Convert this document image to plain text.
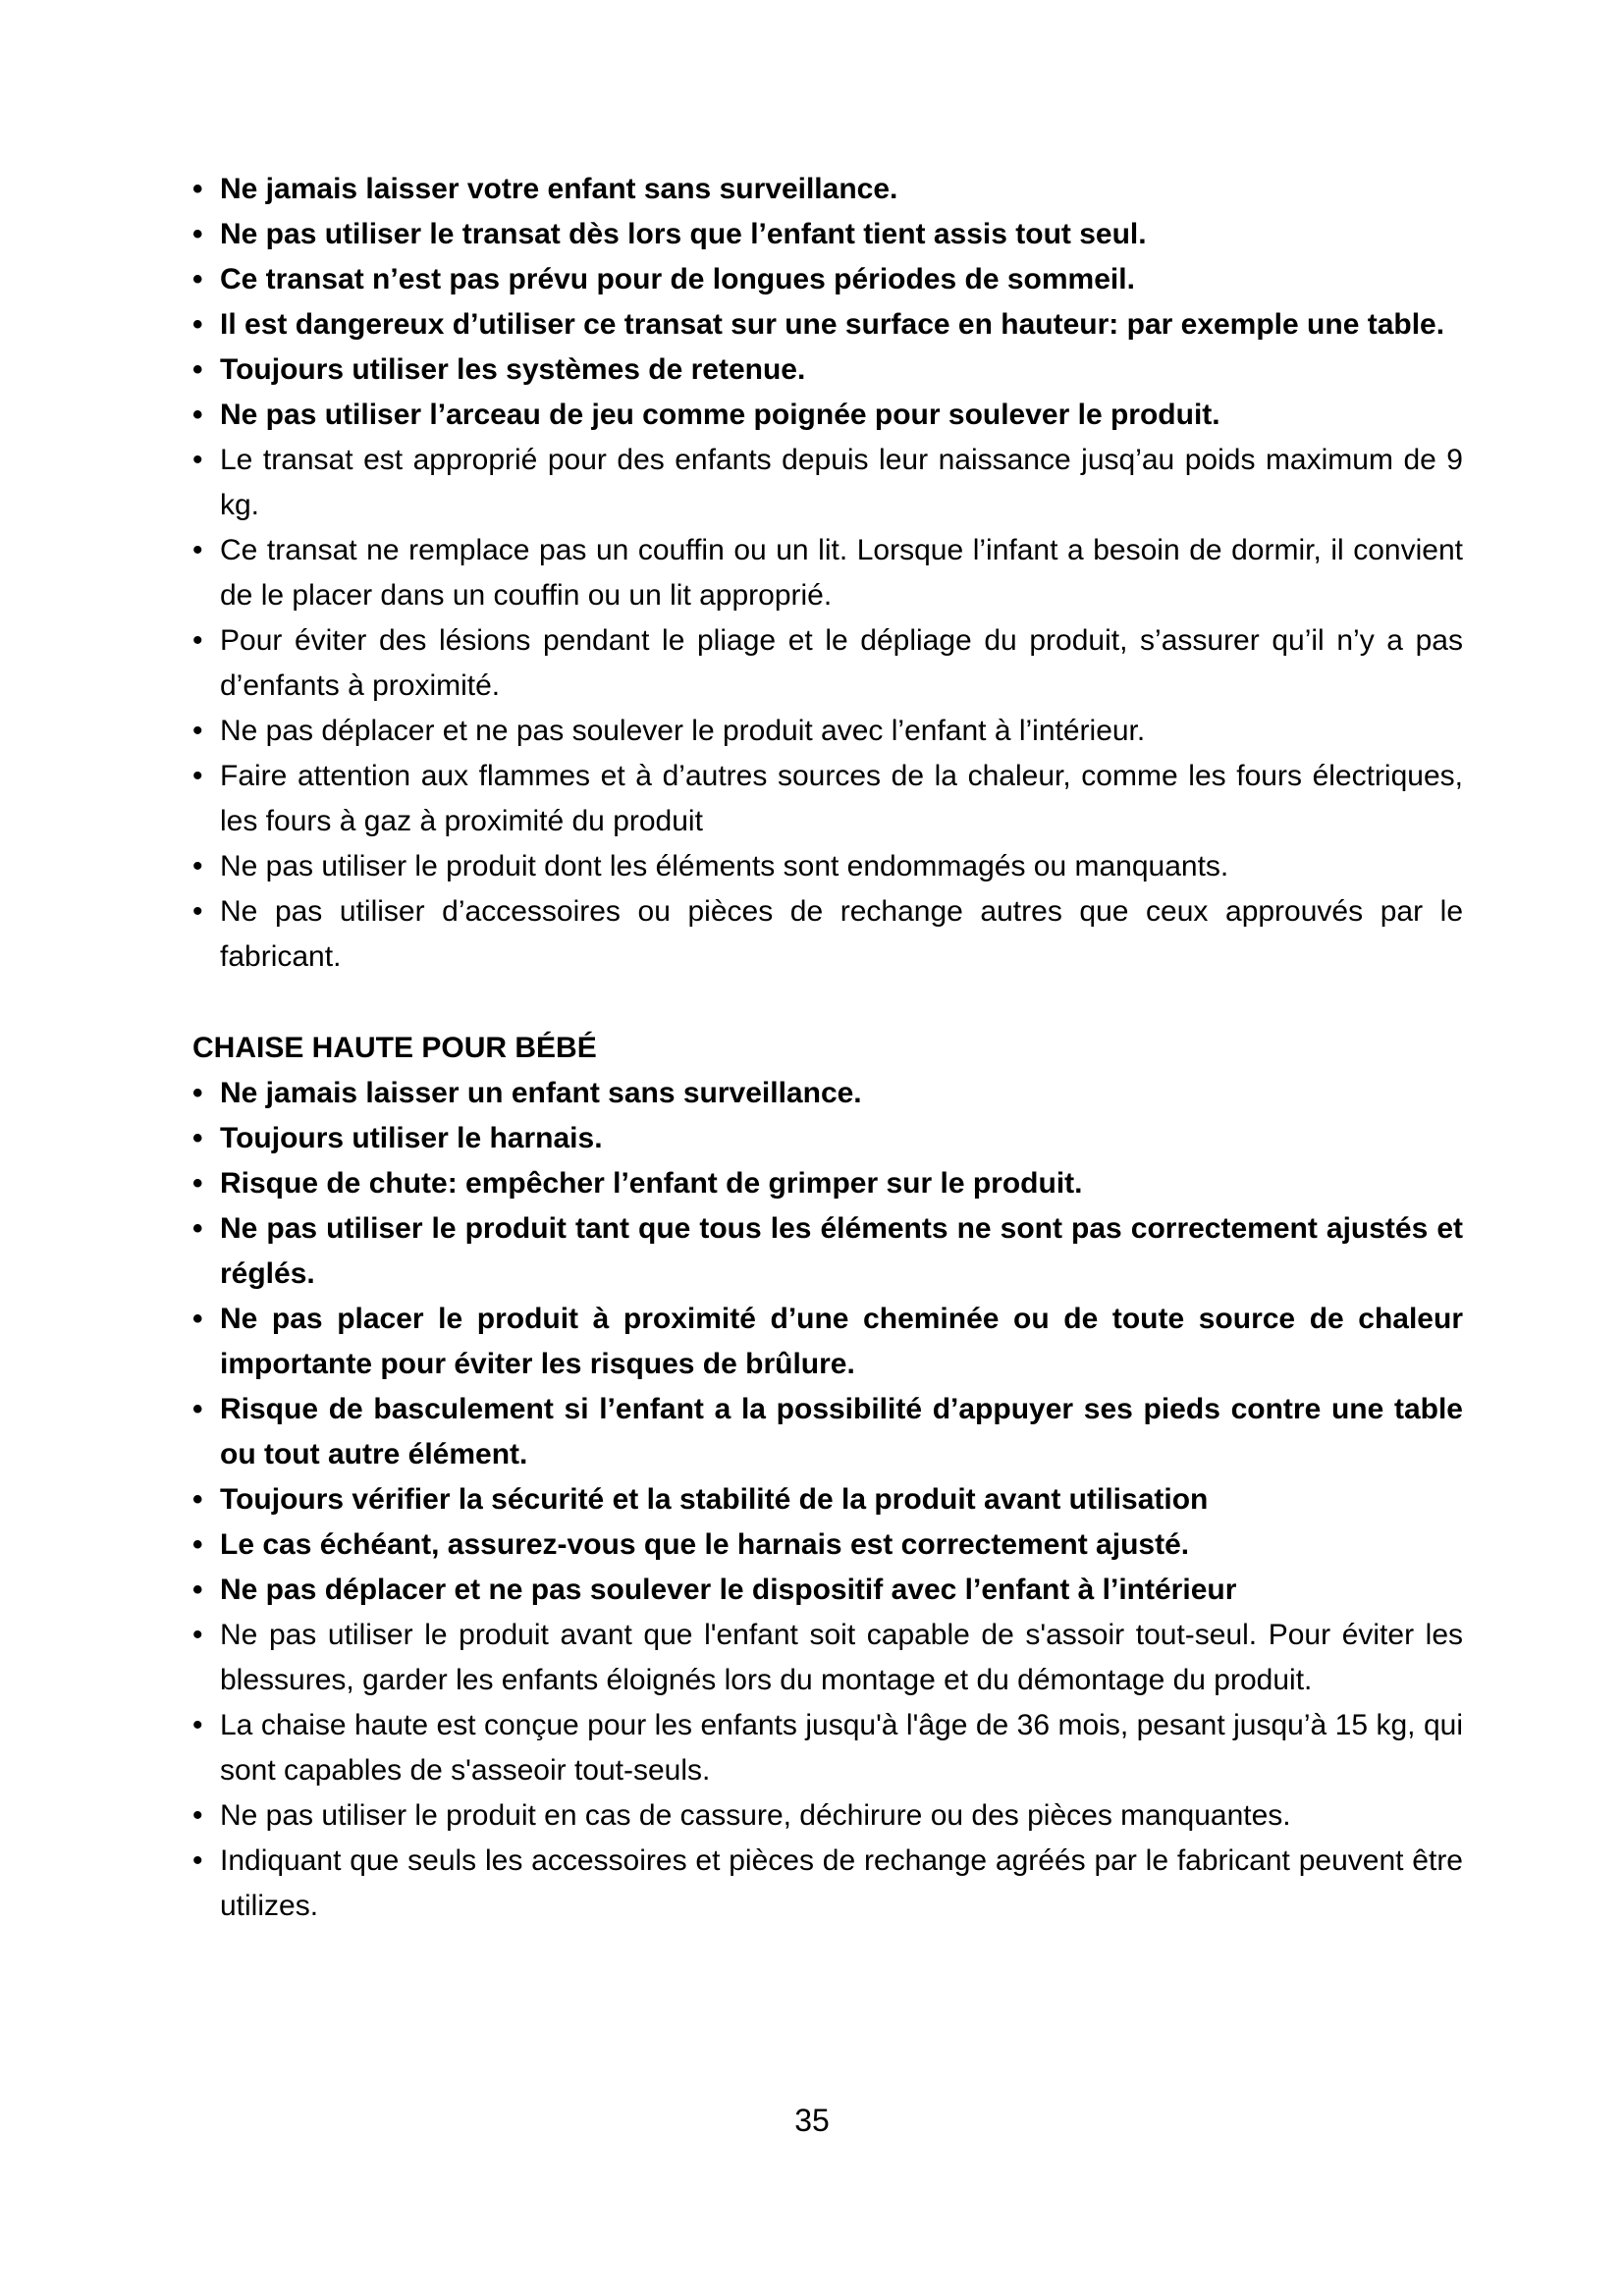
• Ne jamais laisser votre enfant sans surveillance.
• Ne pas utiliser le transat dès lors que l’enfant tient assis tout seul.
• Ce transat n’est pas prévu pour de longues périodes de sommeil.
• Il est dangereux d’utiliser ce transat sur une surface en hauteur: par exemple une table.
• Toujours utiliser les systèmes de retenue.
• Ne pas utiliser l’arceau de jeu comme poignée pour soulever le produit.
• Le transat est approprié pour des enfants depuis leur naissance jusq’au poids maximum de 9 kg.
• Ce transat ne remplace pas un couffin ou un lit. Lorsque l’infant a besoin de dormir, il convient de le placer dans un couffin ou un lit approprié.
• Pour éviter des lésions pendant le pliage et le dépliage du produit, s’assurer qu’il n’y a pas d’enfants à proximité.
• Ne pas déplacer et ne pas soulever le produit avec l’enfant à l’intérieur.
• Faire attention aux flammes et à d’autres sources de la chaleur, comme les fours électriques, les fours à gaz à proximité du produit
• Ne pas utiliser le produit dont les éléments sont endommagés ou manquants.
• Ne pas utiliser d’accessoires ou pièces de rechange autres que ceux approuvés par le fabricant.
CHAISE HAUTE POUR BÉBÉ
• Ne jamais laisser un enfant sans surveillance.
• Toujours utiliser le harnais.
• Risque de chute: empêcher l’enfant de grimper sur le produit.
• Ne pas utiliser le produit tant que tous les éléments ne sont pas correctement ajustés et réglés.
• Ne pas placer le produit à proximité d’une cheminée ou de toute source de chaleur importante pour éviter les risques de brûlure.
• Risque de basculement si l’enfant a la possibilité d’appuyer ses pieds contre une table ou tout autre élément.
• Toujours vérifier la sécurité et la stabilité de la produit avant utilisation
• Le cas échéant, assurez-vous que le harnais est correctement ajusté.
• Ne pas déplacer et ne pas soulever le dispositif avec l’enfant à l’intérieur
• Ne pas utiliser le produit avant que l'enfant soit capable de s'assoir tout-seul. Pour éviter les blessures, garder les enfants éloignés lors du montage et du démontage du produit.
• La chaise haute est conçue pour les enfants jusqu'à l'âge de 36 mois, pesant jusqu’à 15 kg, qui sont capables de s'asseoir tout-seuls.
• Ne pas utiliser le produit en cas de cassure, déchirure ou des pièces manquantes.
• Indiquant que seuls les accessoires et pièces de rechange agréés par le fabricant peuvent être utilizes.
35
